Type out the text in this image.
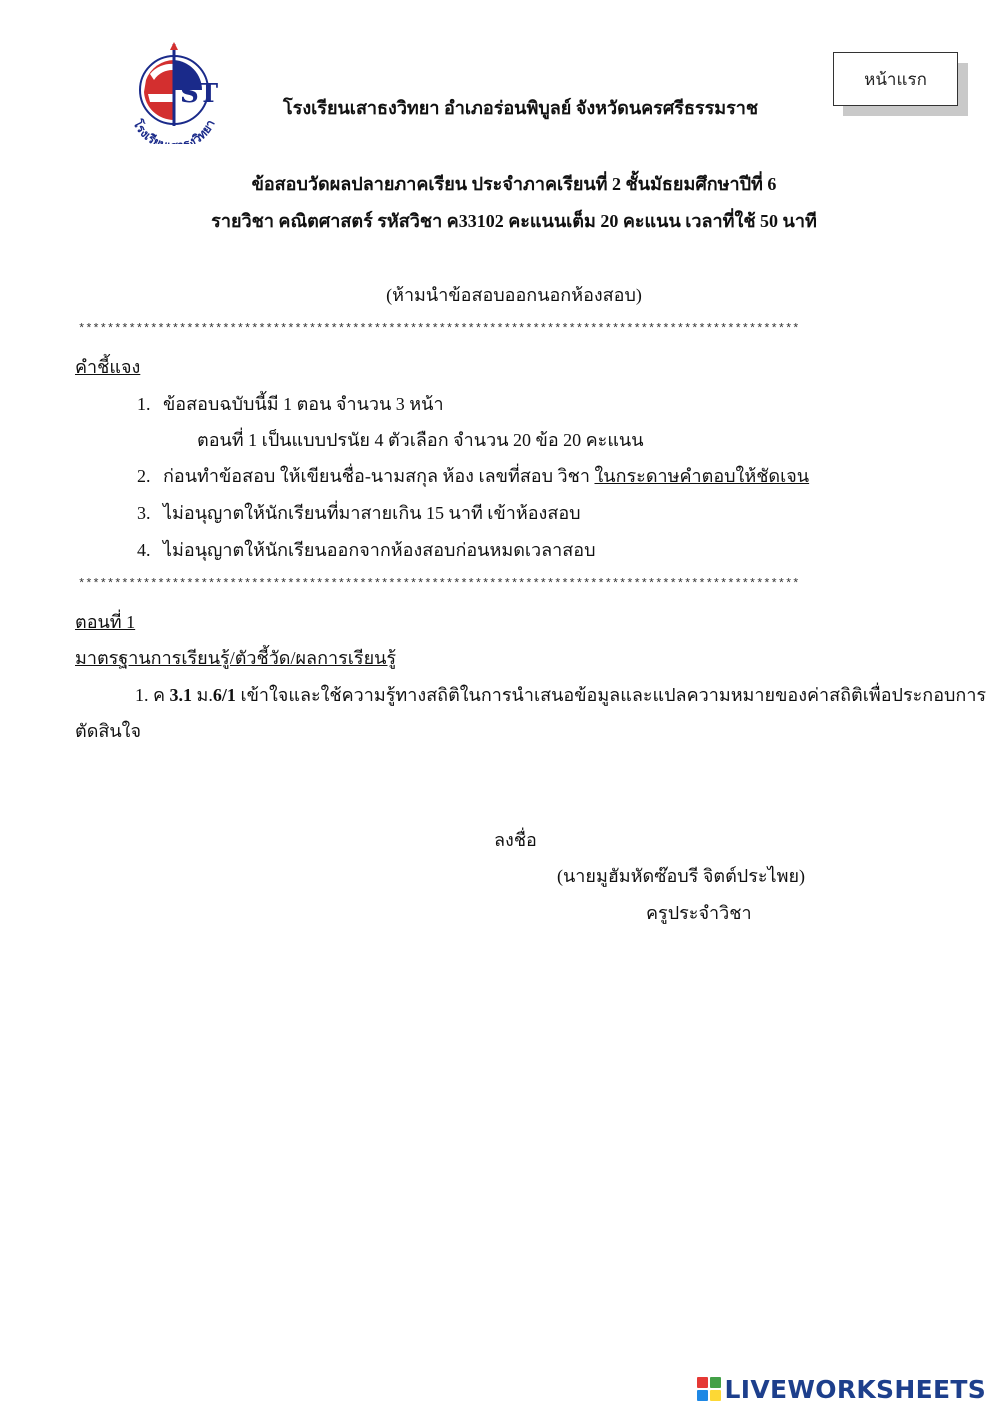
ST
โรงเรีย ธงวิทยา
หน้าแรก
โรงเรียนเสาธงวิทยา อำเภอร่อนพิบูลย์ จังหวัดนครศรีธรรมราช
ข้อสอบวัดผลปลายภาคเรียน ประจำภาคเรียนที่ 2 ชั้นมัธยมศึกษาปีที่ 6
รายวิชา คณิตศาสตร์ รหัสวิชา ค33102 คะแนนเต็ม 20 คะแนน เวลาที่ใช้ 50 นาที
(ห้ามนำข้อสอบออกนอกห้องสอบ)
****************************************************************************************************
คำชี้แจง
1. ข้อสอบฉบับนี้มี 1 ตอน จำนวน 3 หน้า
ตอนที่ 1 เป็นแบบปรนัย 4 ตัวเลือก จำนวน 20 ข้อ 20 คะแนน
2. ก่อนทำข้อสอบ ให้เขียนชื่อ-นามสกุล ห้อง เลขที่สอบ วิชา ในกระดาษคำตอบให้ชัดเจน
3. ไม่อนุญาตให้นักเรียนที่มาสายเกิน 15 นาที เข้าห้องสอบ
4. ไม่อนุญาตให้นักเรียนออกจากห้องสอบก่อนหมดเวลาสอบ
****************************************************************************************************
ตอนที่ 1
มาตรฐานการเรียนรู้/ตัวชี้วัด/ผลการเรียนรู้
1. ค 3.1 ม.6/1 เข้าใจและใช้ความรู้ทางสถิติในการนำเสนอข้อมูลและแปลความหมายของค่าสถิติเพื่อประกอบการ
ตัดสินใจ
ลงชื่อ
(นายมูฮัมหัดซ๊อบรี จิตต์ประไพย)
ครูประจำวิชา
LIVEWORKSHEETS
